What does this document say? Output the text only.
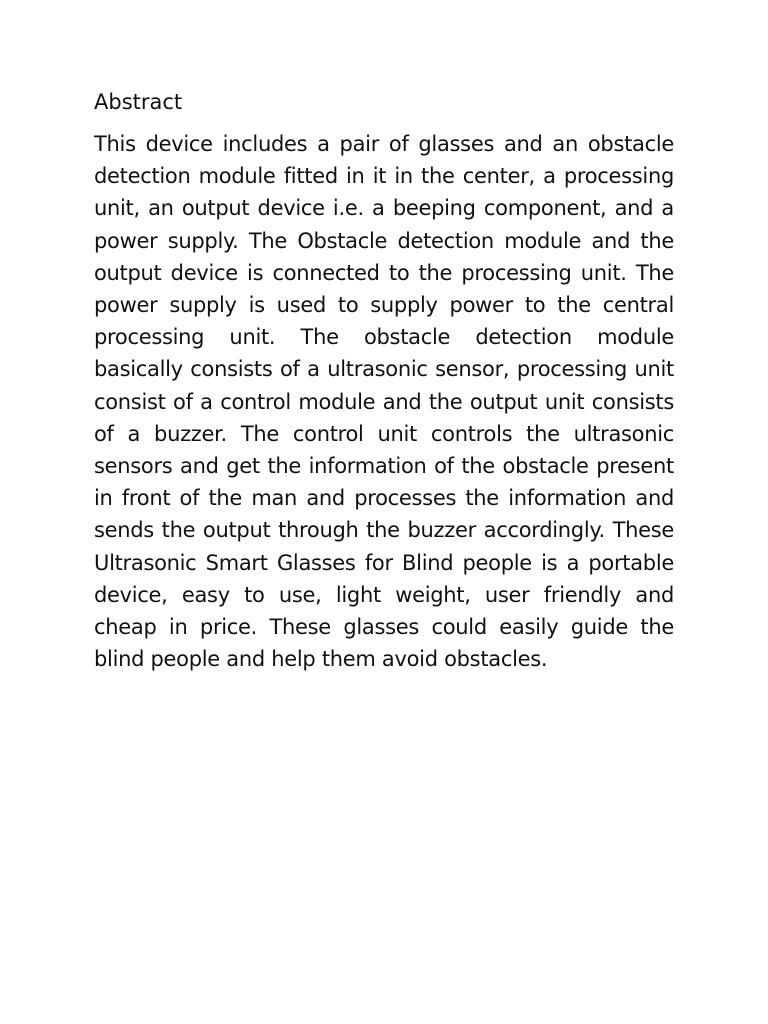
Abstract

This device includes a pair of glasses and an obstacle detection module fitted in it in the center, a processing unit, an output device i.e. a beeping component, and a power supply. The Obstacle detection module and the output device is connected to the processing unit. The power supply is used to supply power to the central processing unit. The obstacle detection module basically consists of a ultrasonic sensor, processing unit consist of a control module and the output unit consists of a buzzer. The control unit controls the ultrasonic sensors and get the information of the obstacle present in front of the man and processes the information and sends the output through the buzzer accordingly. These Ultrasonic Smart Glasses for Blind people is a portable device, easy to use, light weight, user friendly and cheap in price. These glasses could easily guide the blind people and help them avoid obstacles.
